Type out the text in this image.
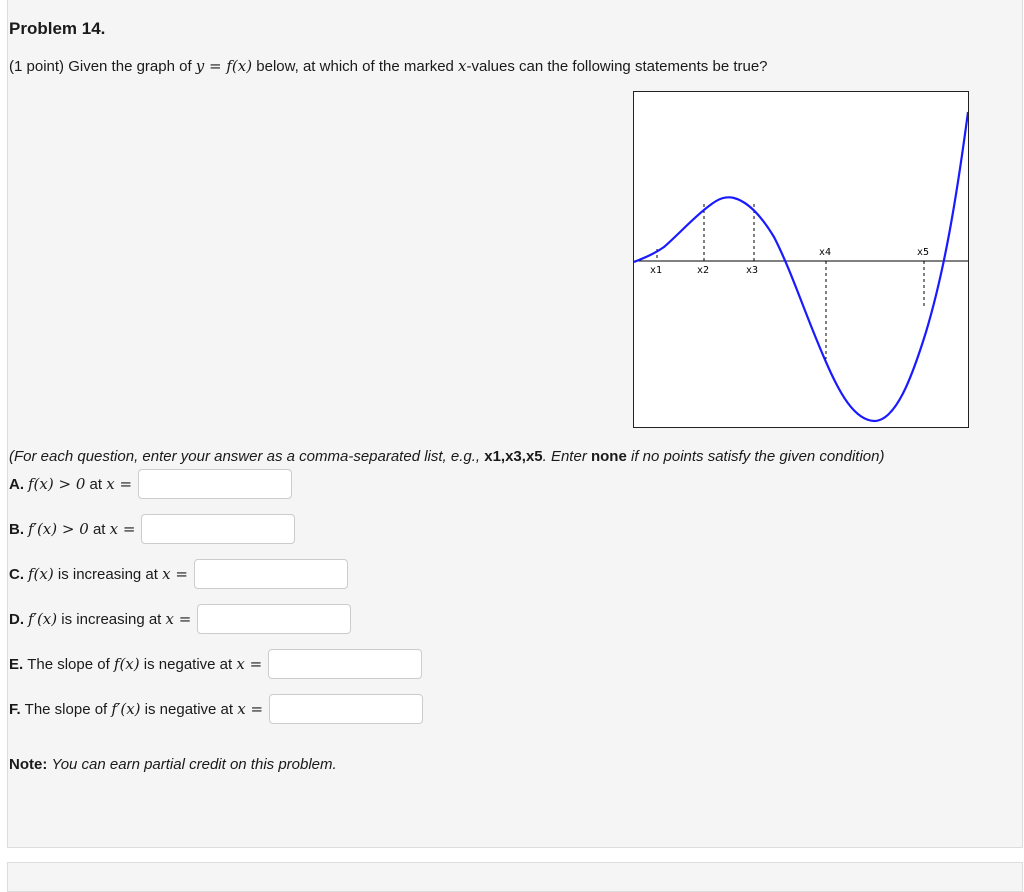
Problem 14.
(1 point) Given the graph of y = f(x) below, at which of the marked x-values can the following statements be true?
x1	x2	x3
x4	x5
(For each question, enter your answer as a comma-separated list, e.g., x1,x3,x5. Enter none if no points satisfy the given condition)
A. f(x) > 0 at x =
B. f′(x) > 0 at x =
C. f(x) is increasing at x =
D. f′(x) is increasing at x =
E. The slope of f(x) is negative at x =
F. The slope of f′(x) is negative at x =
Note: You can earn partial credit on this problem.
